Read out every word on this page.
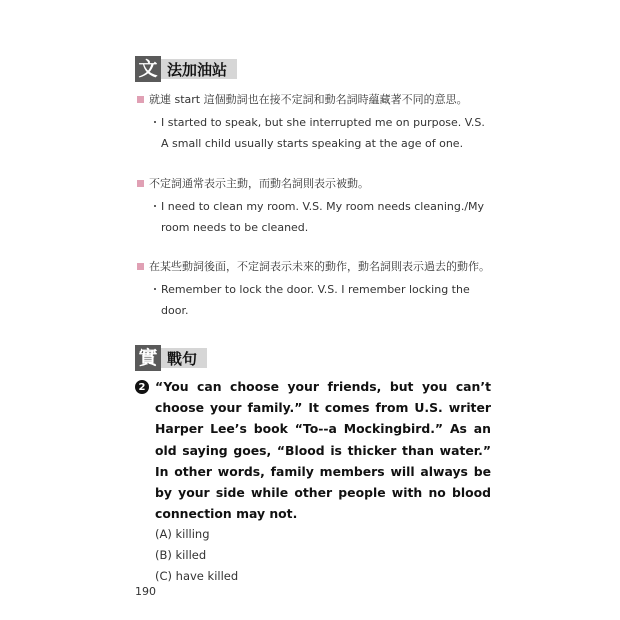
文 法加油站
就連 start 這個動詞也在接不定詞和動名詞時蘊藏著不同的意思。
・ I started to speak, but she interrupted me on purpose. V.S. A small child usually starts speaking at the age of one.
不定詞通常表示主動，而動名詞則表示被動。
・ I need to clean my room. V.S. My room needs cleaning./My room needs to be cleaned.
在某些動詞後面，不定詞表示未來的動作，動名詞則表示過去的動作。
・ Remember to lock the door. V.S. I remember locking the door.
實 戰句
2 “You can choose your friends, but you can’t choose your family.” It comes from U.S. writer Harper Lee’s book “To--a Mockingbird.” As an old saying goes, “Blood is thicker than water.” In other words, family members will always be by your side while other people with no blood connection may not.
(A) killing
(B) killed
(C) have killed
190
